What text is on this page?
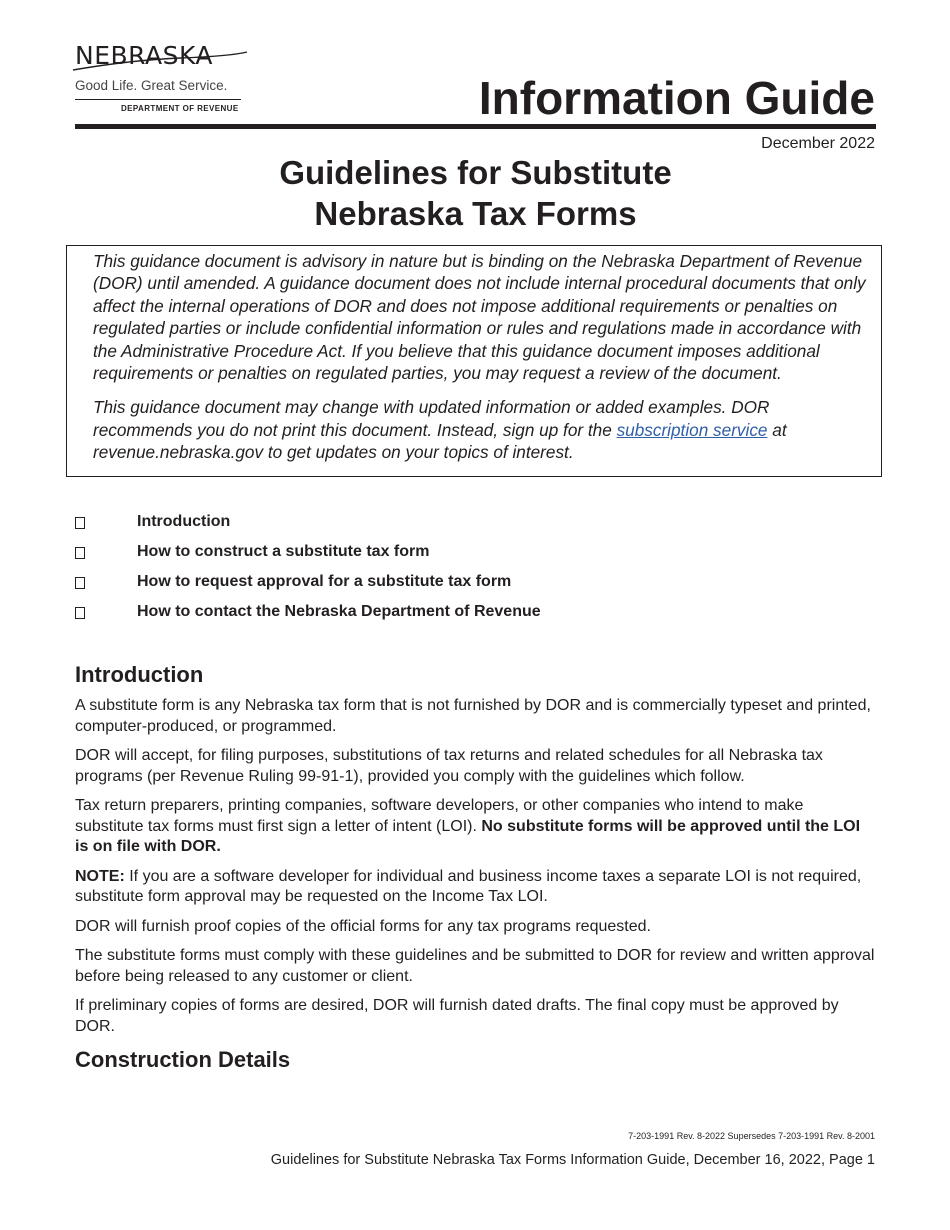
NEBRASKA
Good Life. Great Service.
DEPARTMENT OF REVENUE	Information Guide
December 2022
Guidelines for Substitute
Nebraska Tax Forms

This guidance document is advisory in nature but is binding on the Nebraska Department of Revenue (DOR) until amended. A guidance document does not include internal procedural documents that only affect the internal operations of DOR and does not impose additional requirements or penalties on regulated parties or include confidential information or rules and regulations made in accordance with the Administrative Procedure Act. If you believe that this guidance document imposes additional requirements or penalties on regulated parties, you may request a review of the document.

This guidance document may change with updated information or added examples. DOR recommends you do not print this document. Instead, sign up for the subscription service at revenue.nebraska.gov to get updates on your topics of interest.

Introduction
How to construct a substitute tax form
How to request approval for a substitute tax form
How to contact the Nebraska Department of Revenue
Introduction

A substitute form is any Nebraska tax form that is not furnished by DOR and is commercially typeset and printed, computer-produced, or programmed.

DOR will accept, for filing purposes, substitutions of tax returns and related schedules for all Nebraska tax programs (per Revenue Ruling 99-91-1), provided you comply with the guidelines which follow.

Tax return preparers, printing companies, software developers, or other companies who intend to make substitute tax forms must first sign a letter of intent (LOI). No substitute forms will be approved until the LOI is on file with DOR.

NOTE: If you are a software developer for individual and business income taxes a separate LOI is not required, substitute form approval may be requested on the Income Tax LOI.

DOR will furnish proof copies of the official forms for any tax programs requested.

The substitute forms must comply with these guidelines and be submitted to DOR for review and written approval before being released to any customer or client.

If preliminary copies of forms are desired, DOR will furnish dated drafts. The final copy must be approved by DOR.

Construction Details
7-203-1991 Rev. 8-2022 Supersedes 7-203-1991 Rev. 8-2001
Guidelines for Substitute Nebraska Tax Forms Information Guide, December 16, 2022, Page 1
